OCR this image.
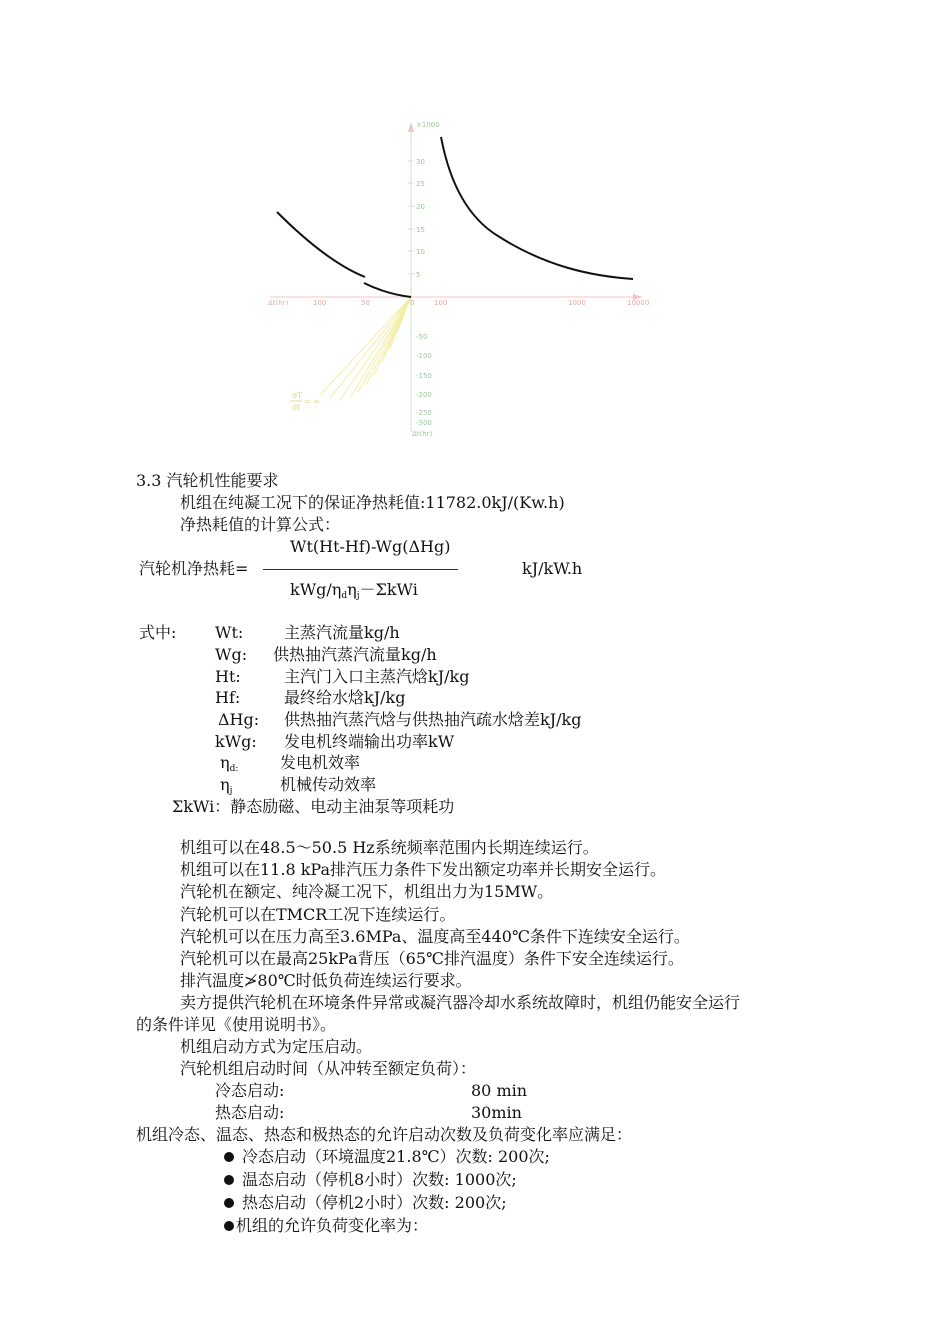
×1000
30
25
20
15
10
5
-50
-100
-150
-200
-250
-300
Δt(hr)
Δt(hr)	100	50	0	100	1000	10000
dT
dt
= ∞
3.3 汽轮机性能要求
机组在纯凝工况下的保证净热耗值:11782.0kJ/(Kw.h)
净热耗值的计算公式：
Wt(Ht-Hf)-Wg(ΔHg)
汽轮机净热耗=	kJ/kW.h
kWg/ηdηj－ΣkWi
式中: Wt:	主蒸汽流量kg/h
Wg: 供热抽汽蒸汽流量kg/h
Ht:	主汽门入口主蒸汽焓kJ/kg
Hf:	最终给水焓kJ/kg
ΔHg: 供热抽汽蒸汽焓与供热抽汽疏水焓差kJ/kg
kWg: 发电机终端输出功率kW
ηd:	发电机效率
ηj	机械传动效率
ΣkWi：静态励磁、电动主油泵等项耗功
机组可以在48.5～50.5 Hz系统频率范围内长期连续运行。
机组可以在11.8 kPa排汽压力条件下发出额定功率并长期安全运行。
汽轮机在额定、纯冷凝工况下，机组出力为15MW。
汽轮机可以在TMCR工况下连续运行。
汽轮机可以在压力高至3.6MPa、温度高至440℃条件下连续安全运行。
汽轮机可以在最高25kPa背压（65℃排汽温度）条件下安全连续运行。
排汽温度≯80℃时低负荷连续运行要求。
卖方提供汽轮机在环境条件异常或凝汽器冷却水系统故障时，机组仍能安全运行
的条件详见《使用说明书》。
机组启动方式为定压启动。
汽轮机组启动时间（从冲转至额定负荷）：
冷态启动:	80 min
热态启动:	30min
机组冷态、温态、热态和极热态的允许启动次数及负荷变化率应满足：
冷态启动（环境温度21.8℃）次数: 200次;
温态启动（停机8小时）次数: 1000次;
热态启动（停机2小时）次数: 200次;
机组的允许负荷变化率为：
